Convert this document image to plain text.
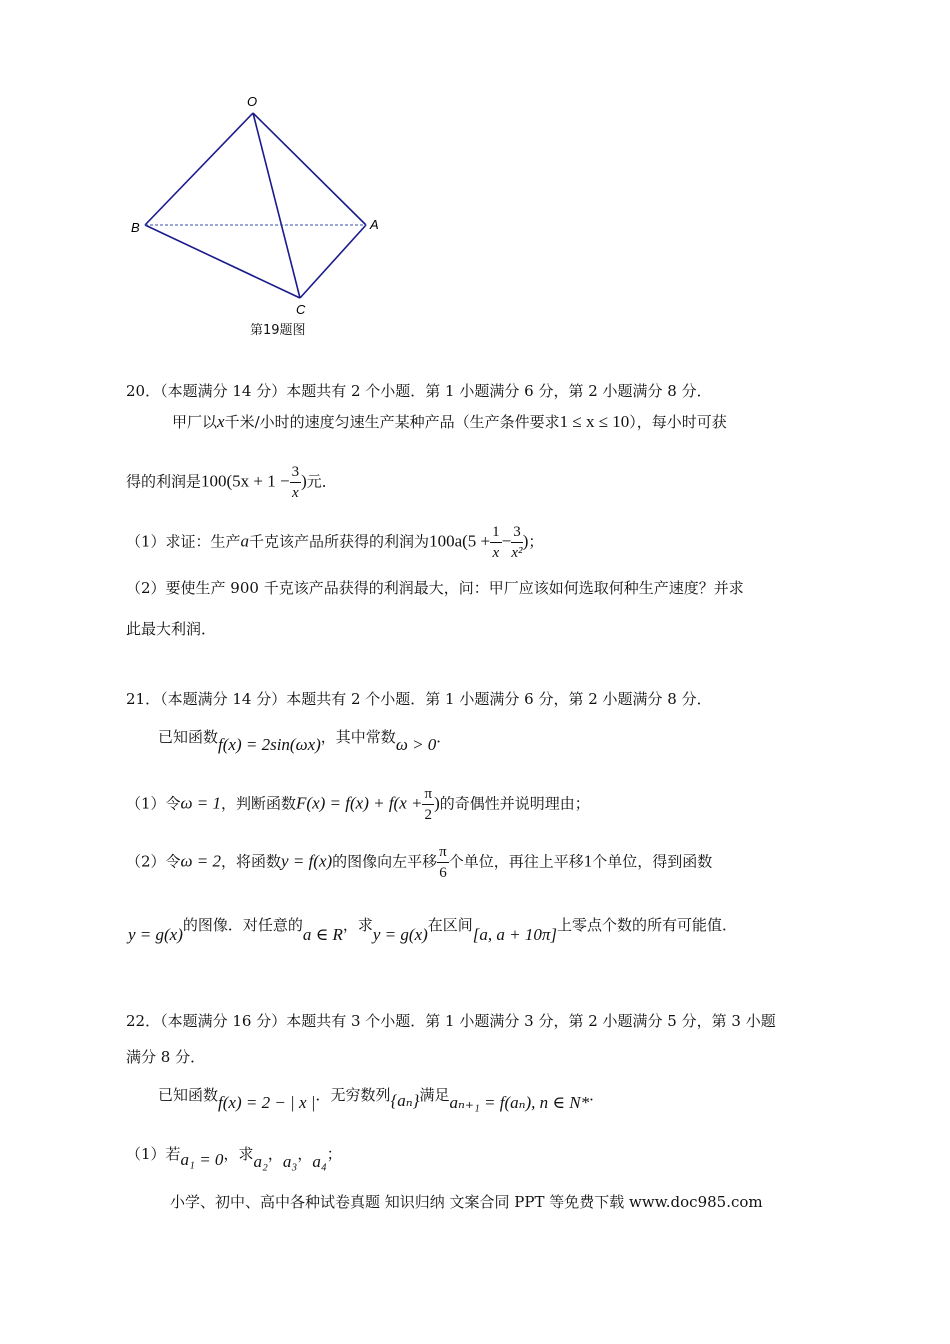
O
A
B
C
第19题图
20．（本题满分 14 分）本题共有 2 个小题．第 1 小题满分 6 分，第 2 小题满分 8 分．
甲厂以x千米/小时的速度匀速生产某种产品（生产条件要求1 ≤ x ≤ 10），每小时可获
得的利润是$100(5x + 1 - \frac{3}{x}$ )元．
（1）求证：生产a千克该产品所获得的利润为$100a(5 + \frac{1}{x} - \frac{3}{\text{x²}}$ )；
（2）要使生产 900 千克该产品获得的利润最大，问：甲厂应该如何选取何种生产速度？并求
此最大利润．
21．（本题满分 14 分）本题共有 2 个小题．第 1 小题满分 6 分，第 2 小题满分 8 分．
已知函数f(x) = 2sin(ωx)，其中常数ω > 0．
（1）令ω = 1，判断函数$F(x) = f(x) + f(x + \frac{\pi}{2}$ )的奇偶性并说明理由；
（2）令ω = 2，将函数y = f(x)的图像向左平移 $\frac{\pi}{6}$ 个单位，再往上平移1个单位，得到函数
y = g(x)的图像．对任意的a ∈ R，求y = g(x)在区间[a, a + 10π]上零点个数的所有可能值．
22．（本题满分 16 分）本题共有 3 个小题．第 1 小题满分 3 分，第 2 小题满分 5 分，第 3 小题
满分 8 分．
已知函数f(x) = 2 − | x |．无穷数列{aₙ}满足aₙ₊₁ = f(aₙ), n ∈ N*．
（1）若a₁ = 0，求a₂，a₃，a₄；
小学、初中、高中各种试卷真题 知识归纳 文案合同 PPT 等免费下载 www.doc985.com
